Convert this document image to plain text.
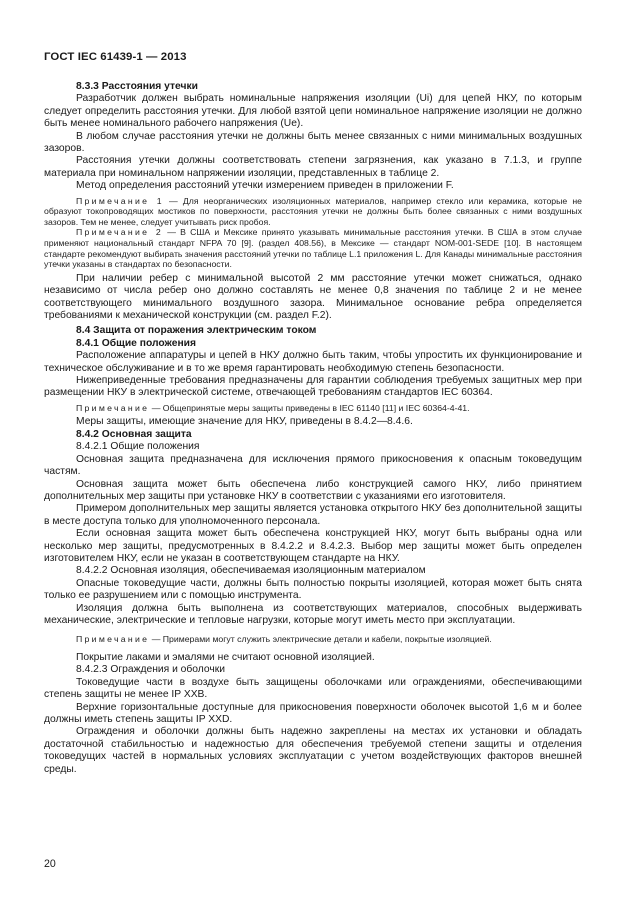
ГОСТ IEC 61439-1 — 2013

8.3.3 Расстояния утечки

Разработчик должен выбрать номинальные напряжения изоляции (Ui) для цепей НКУ, по которым следует определить расстояния утечки. Для любой взятой цепи номинальное напряжение изоляции не должно быть менее номинального рабочего напряжения (Ue).

В любом случае расстояния утечки не должны быть менее связанных с ними минимальных воздушных зазоров.

Расстояния утечки должны соответствовать степени загрязнения, как указано в 7.1.3, и группе материала при номинальном напряжении изоляции, представленных в таблице 2.

Метод определения расстояний утечки измерением приведен в приложении F.

Примечание 1 — Для неорганических изоляционных материалов, например стекло или керамика, которые не образуют токопроводящих мостиков по поверхности, расстояния утечки не должны быть более связанных с ними воздушных зазоров. Тем не менее, следует учитывать риск пробоя.

Примечание 2 — В США и Мексике принято указывать минимальные расстояния утечки. В США в этом случае применяют национальный стандарт NFPA 70 [9]. (раздел 408.56), в Мексике — стандарт NOM-001-SEDE [10]. В настоящем стандарте рекомендуют выбирать значения расстояний утечки по таблице L.1 приложения L. Для Канады минимальные расстояния утечки указаны в стандартах по безопасности.

При наличии ребер с минимальной высотой 2 мм расстояние утечки может снижаться, однако независимо от числа ребер оно должно составлять не менее 0,8 значения по таблице 2 и не менее соответствующего минимального воздушного зазора. Минимальное основание ребра определяется требованиями к механической конструкции (см. раздел F.2).

8.4 Защита от поражения электрическим током

8.4.1 Общие положения

Расположение аппаратуры и цепей в НКУ должно быть таким, чтобы упростить их функционирование и техническое обслуживание и в то же время гарантировать необходимую степень безопасности.

Нижеприведенные требования предназначены для гарантии соблюдения требуемых защитных мер при размещении НКУ в электрической системе, отвечающей требованиям стандартов IEC 60364.

Примечание — Общепринятые меры защиты приведены в IEC 61140 [11] и IEC 60364-4-41.

Меры защиты, имеющие значение для НКУ, приведены в 8.4.2—8.4.6.

8.4.2 Основная защита

8.4.2.1 Общие положения

Основная защита предназначена для исключения прямого прикосновения к опасным токоведущим частям.

Основная защита может быть обеспечена либо конструкцией самого НКУ, либо принятием дополнительных мер защиты при установке НКУ в соответствии с указаниями его изготовителя.

Примером дополнительных мер защиты является установка открытого НКУ без дополнительной защиты в месте доступа только для уполномоченного персонала.

Если основная защита может быть обеспечена конструкцией НКУ, могут быть выбраны одна или несколько мер защиты, предусмотренных в 8.4.2.2 и 8.4.2.3. Выбор мер защиты может быть определен изготовителем НКУ, если не указан в соответствующем стандарте на НКУ.

8.4.2.2 Основная изоляция, обеспечиваемая изоляционным материалом

Опасные токоведущие части, должны быть полностью покрыты изоляцией, которая может быть снята только ее разрушением или с помощью инструмента.

Изоляция должна быть выполнена из соответствующих материалов, способных выдерживать механические, электрические и тепловые нагрузки, которые могут иметь место при эксплуатации.

Примечание — Примерами могут служить электрические детали и кабели, покрытые изоляцией.

Покрытие лаками и эмалями не считают основной изоляцией.

8.4.2.3 Ограждения и оболочки

Токоведущие части в воздухе быть защищены оболочками или ограждениями, обеспечивающими степень защиты не менее IP XXB.

Верхние горизонтальные доступные для прикосновения поверхности оболочек высотой 1,6 м и более должны иметь степень защиты IP XXD.

Ограждения и оболочки должны быть надежно закреплены на местах их установки и обладать достаточной стабильностью и надежностью для обеспечения требуемой степени защиты и отделения токоведущих частей в нормальных условиях эксплуатации с учетом воздействующих факторов внешней среды.

20
